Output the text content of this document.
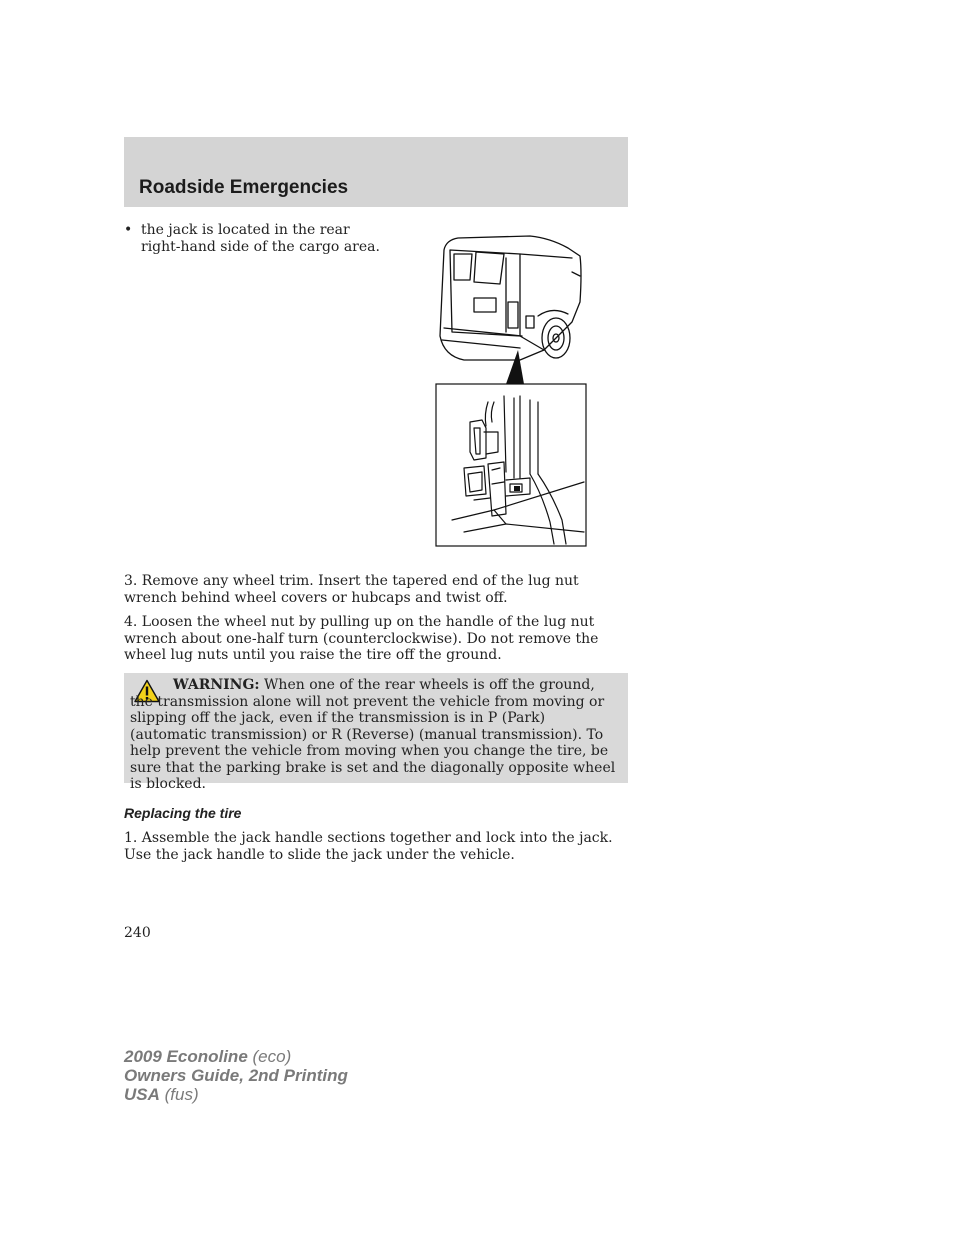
Roadside Emergencies
• the jack is located in the rear right-hand side of the cargo area.

3. Remove any wheel trim. Insert the tapered end of the lug nut wrench behind wheel covers or hubcaps and twist off.

4. Loosen the wheel nut by pulling up on the handle of the lug nut wrench about one-half turn (counterclockwise). Do not remove the wheel lug nuts until you raise the tire off the ground.

WARNING: When one of the rear wheels is off the ground, the transmission alone will not prevent the vehicle from moving or slipping off the jack, even if the transmission is in P (Park) (automatic transmission) or R (Reverse) (manual transmission). To help prevent the vehicle from moving when you change the tire, be sure that the parking brake is set and the diagonally opposite wheel is blocked.

Replacing the tire

1. Assemble the jack handle sections together and lock into the jack. Use the jack handle to slide the jack under the vehicle.

240
2009 Econoline (eco)
Owners Guide, 2nd Printing
USA (fus)
